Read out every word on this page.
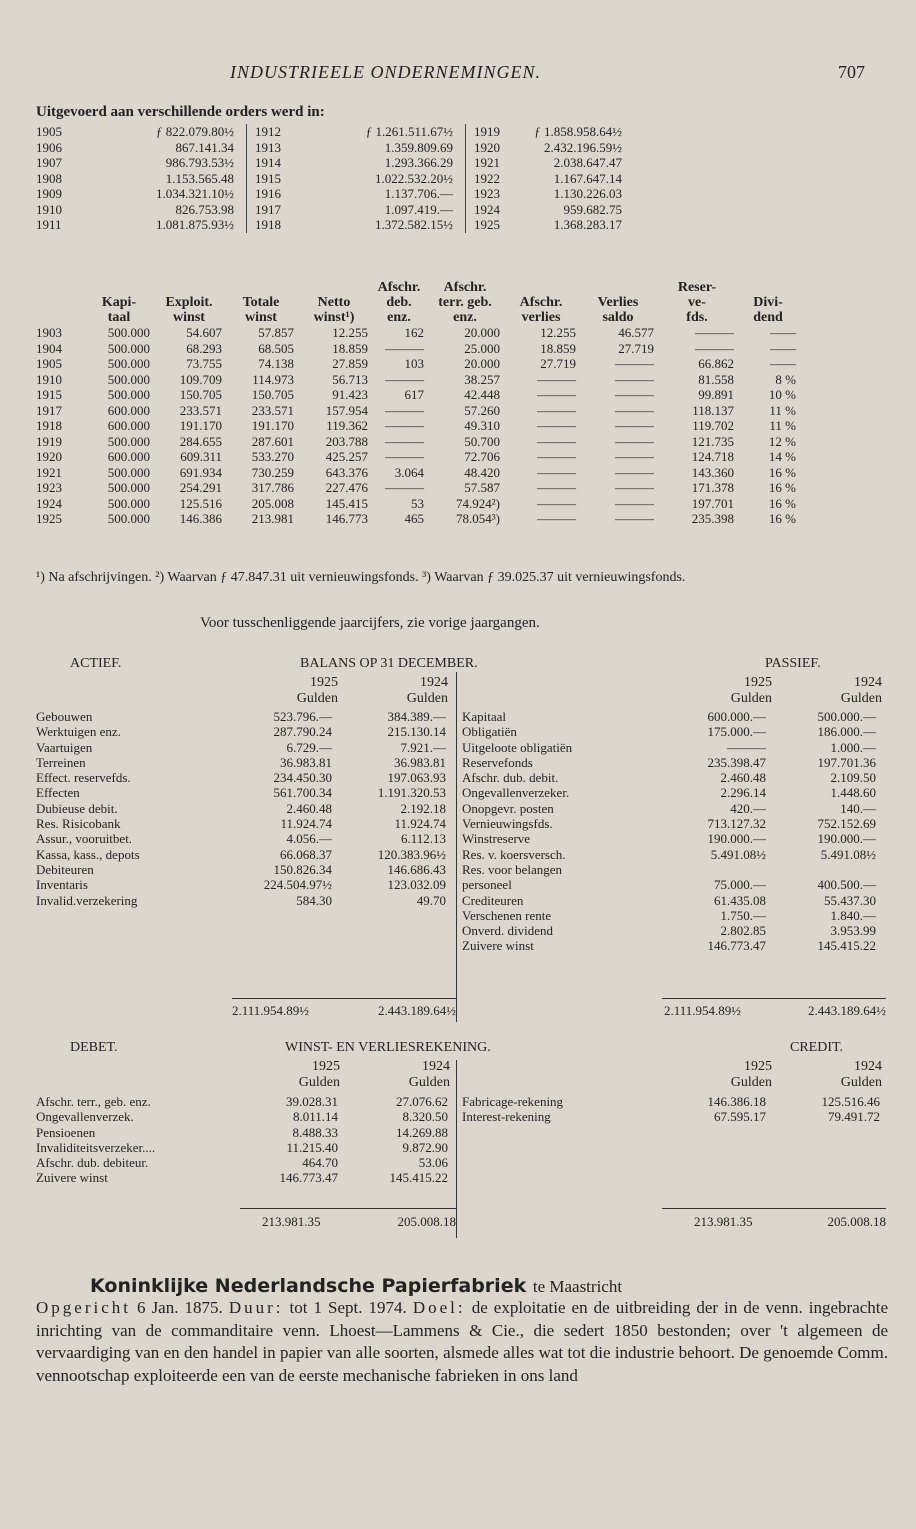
INDUSTRIEELE ONDERNEMINGEN.	707
Uitgevoerd aan verschillende orders werd in:
1905	ƒ 822.079.80½	1912	ƒ 1.261.511.67½	1919	ƒ 1.858.958.64½
1906	867.141.34	1913	1.359.809.69	1920	2.432.196.59½
1907	986.793.53½	1914	1.293.366.29	1921	2.038.647.47
1908	1.153.565.48	1915	1.022.532.20½	1922	1.167.647.14
1909	1.034.321.10½	1916	1.137.706.—	1923	1.130.226.03
1910	826.753.98	1917	1.097.419.—	1924	959.682.75
1911	1.081.875.93½	1918	1.372.582.15½	1925	1.368.283.17
					Afschr.	Afschr.			Reser-	
	Kapi-	Exploit.	Totale	Netto	deb.	terr. geb.	Afschr.	Verlies	ve-	Divi-
	taal	winst	winst	winst¹)	enz.	enz.	verlies	saldo	fds.	dend
1903	500.000	54.607	57.857	12.255	162	20.000	12.255	46.577	———	——
1904	500.000	68.293	68.505	18.859	———	25.000	18.859	27.719	———	——
1905	500.000	73.755	74.138	27.859	103	20.000	27.719	———	66.862	——
1910	500.000	109.709	114.973	56.713	———	38.257	———	———	81.558	8 %
1915	500.000	150.705	150.705	91.423	617	42.448	———	———	99.891	10 %
1917	600.000	233.571	233.571	157.954	———	57.260	———	———	118.137	11 %
1918	600.000	191.170	191.170	119.362	———	49.310	———	———	119.702	11 %
1919	500.000	284.655	287.601	203.788	———	50.700	———	———	121.735	12 %
1920	600.000	609.311	533.270	425.257	———	72.706	———	———	124.718	14 %
1921	500.000	691.934	730.259	643.376	3.064	48.420	———	———	143.360	16 %
1923	500.000	254.291	317.786	227.476	———	57.587	———	———	171.378	16 %
1924	500.000	125.516	205.008	145.415	53	74.924²)	———	———	197.701	16 %
1925	500.000	146.386	213.981	146.773	465	78.054³)	———	———	235.398	16 %
¹) Na afschrijvingen. ²) Waarvan ƒ 47.847.31 uit vernieuwingsfonds. ³) Waarvan ƒ 39.025.37 uit vernieuwingsfonds.
Voor tusschenliggende jaarcijfers, zie vorige jaargangen.
ACTIEF.	BALANS OP 31 DECEMBER.	PASSIEF.
1925	1924
Gulden	Gulden
1925	1924
Gulden	Gulden
Gebouwen	523.796.—	384.389.—
Werktuigen enz.	287.790.24	215.130.14
Vaartuigen	6.729.—	7.921.—
Terreinen	36.983.81	36.983.81
Effect. reservefds.	234.450.30	197.063.93
Effecten	561.700.34	1.191.320.53
Dubieuse debit.	2.460.48	2.192.18
Res. Risicobank	11.924.74	11.924.74
Assur., vooruitbet.	4.056.—	6.112.13
Kassa, kass., depots	66.068.37	120.383.96½
Debiteuren	150.826.34	146.686.43
Inventaris	224.504.97½	123.032.09
Invalid.verzekering	584.30	49.70
Kapitaal	600.000.—	500.000.—
Obligatiën	175.000.—	186.000.—
Uitgeloote obligatiën	———	1.000.—
Reservefonds	235.398.47	197.701.36
Afschr. dub. debit.	2.460.48	2.109.50
Ongevallenverzeker.	2.296.14	1.448.60
Onopgevr. posten	420.—	140.—
Vernieuwingsfds.	713.127.32	752.152.69
Winstreserve	190.000.—	190.000.—
Res. v. koersversch.	5.491.08½	5.491.08½
Res. voor belangen		
personeel	75.000.—	400.500.—
Crediteuren	61.435.08	55.437.30
Verschenen rente	1.750.—	1.840.—
Onverd. dividend	2.802.85	3.953.99
Zuivere winst	146.773.47	145.415.22
2.111.954.89½	2.443.189.64½	2.111.954.89½	2.443.189.64½
DEBET.	WINST- EN VERLIESREKENING.	CREDIT.
1925	1924
Gulden	Gulden
1925	1924
Gulden	Gulden
Afschr. terr., geb. enz.	39.028.31	27.076.62
Ongevallenverzek.	8.011.14	8.320.50
Pensioenen	8.488.33	14.269.88
Invaliditeitsverzeker....	11.215.40	9.872.90
Afschr. dub. debiteur.	464.70	53.06
Zuivere winst	146.773.47	145.415.22
Fabricage-rekening	146.386.18	125.516.46
Interest-rekening	67.595.17	79.491.72
213.981.35	205.008.18	213.981.35	205.008.18
Koninklijke Nederlandsche Papierfabriek te Maastricht
Opgericht 6 Jan. 1875. Duur: tot 1 Sept. 1974. Doel: de exploitatie en de uitbreiding der in de venn. ingebrachte inrichting van de commanditaire venn. Lhoest—Lammens & Cie., die sedert 1850 bestonden; over 't algemeen de vervaardiging van en den handel in papier van alle soorten, alsmede alles wat tot die industrie behoort. De genoemde Comm. vennootschap exploiteerde een van de eerste mechanische fabrieken in ons land
